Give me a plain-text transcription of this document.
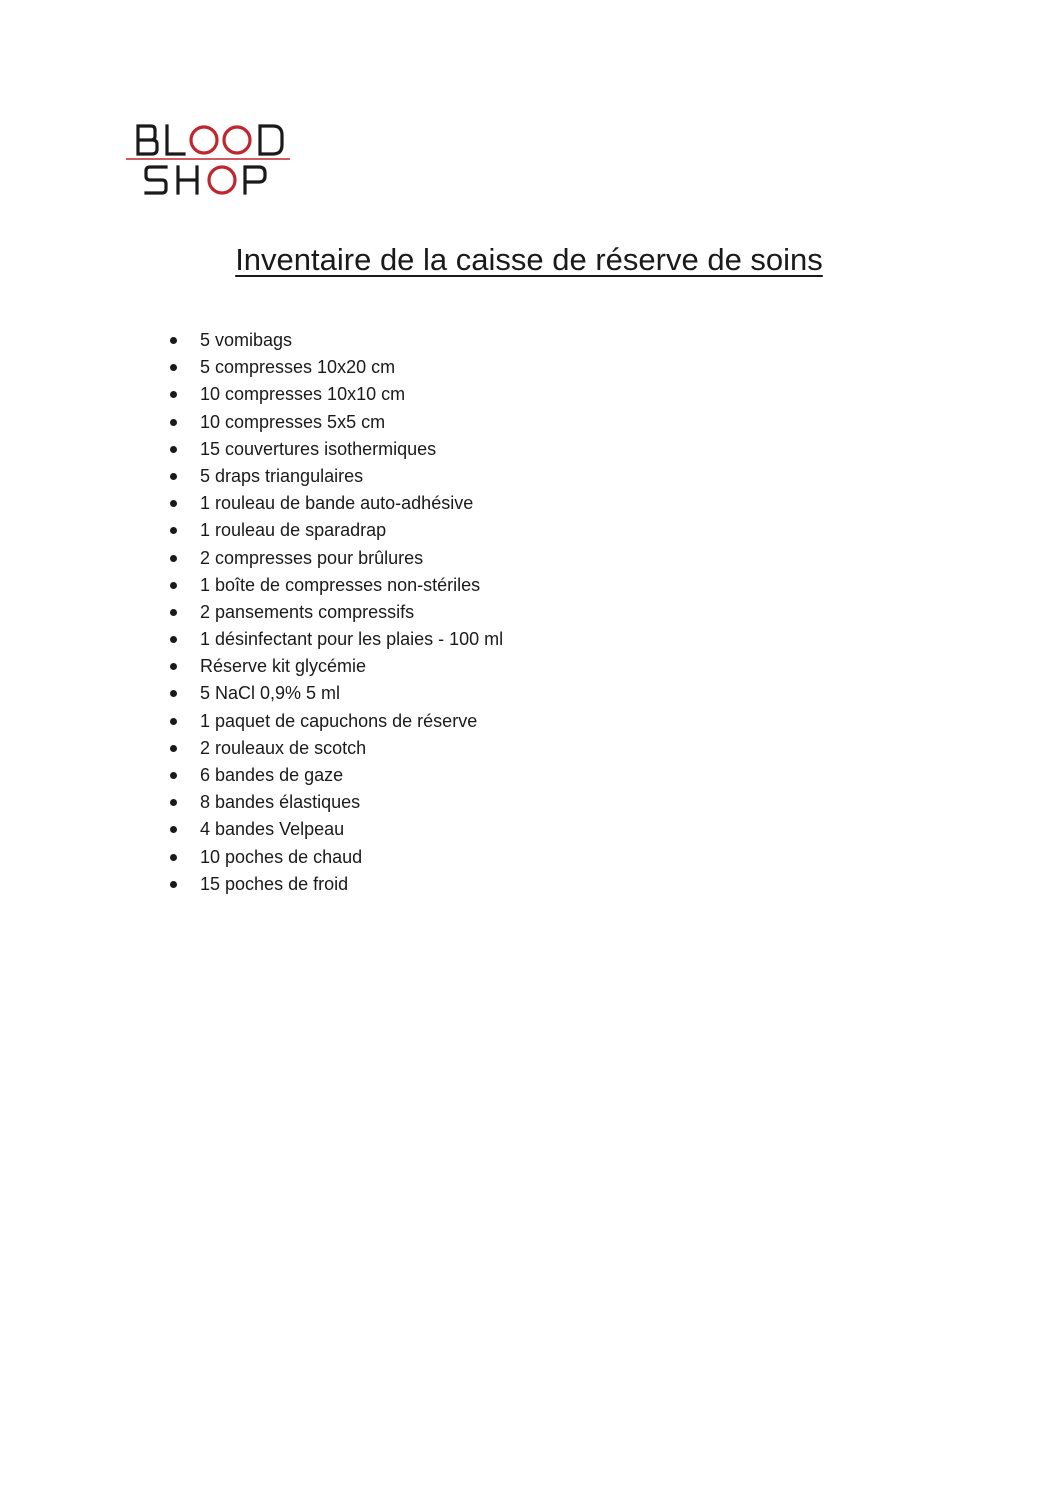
Inventaire de la caisse de réserve de soins
5 vomibags
5 compresses 10x20 cm
10 compresses 10x10 cm
10 compresses 5x5 cm
15 couvertures isothermiques
5 draps triangulaires
1 rouleau de bande auto-adhésive
1 rouleau de sparadrap
2 compresses pour brûlures
1 boîte de compresses non-stériles
2 pansements compressifs
1 désinfectant pour les plaies - 100 ml
Réserve kit glycémie
5 NaCl 0,9% 5 ml
1 paquet de capuchons de réserve
2 rouleaux de scotch
6 bandes de gaze
8 bandes élastiques
4 bandes Velpeau
10 poches de chaud
15 poches de froid
